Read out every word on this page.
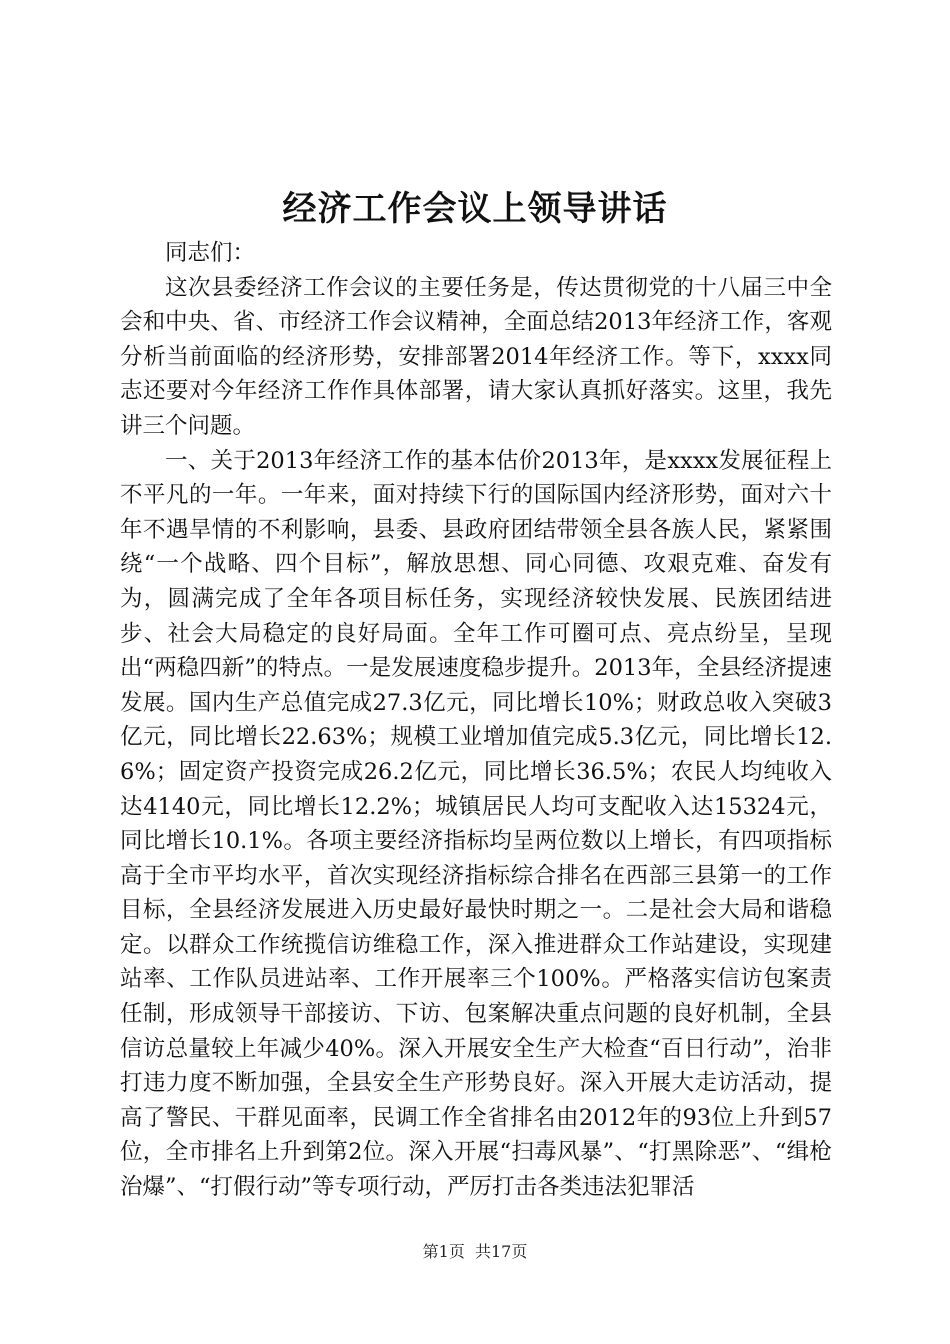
经济工作会议上领导讲话

同志们：

这次县委经济工作会议的主要任务是，传达贯彻党的十八届三中全会和中央、省、市经济工作会议精神，全面总结2013年经济工作，客观分析当前面临的经济形势，安排部署2014年经济工作。等下，xxxx同志还要对今年经济工作作具体部署，请大家认真抓好落实。这里，我先讲三个问题。

一、关于2013年经济工作的基本估价2013年，是xxxx发展征程上不平凡的一年。一年来，面对持续下行的国际国内经济形势，面对六十年不遇旱情的不利影响，县委、县政府团结带领全县各族人民，紧紧围绕“一个战略、四个目标”，解放思想、同心同德、攻艰克难、奋发有为，圆满完成了全年各项目标任务，实现经济较快发展、民族团结进步、社会大局稳定的良好局面。全年工作可圈可点、亮点纷呈，呈现出“两稳四新”的特点。一是发展速度稳步提升。2013年，全县经济提速发展。国内生产总值完成27.3亿元，同比增长10%；财政总收入突破3亿元，同比增长22.63%；规模工业增加值完成5.3亿元，同比增长12.6%；固定资产投资完成26.2亿元，同比增长36.5%；农民人均纯收入达4140元，同比增长12.2%；城镇居民人均可支配收入达15324元，同比增长10.1%。各项主要经济指标均呈两位数以上增长，有四项指标高于全市平均水平，首次实现经济指标综合排名在西部三县第一的工作目标，全县经济发展进入历史最好最快时期之一。二是社会大局和谐稳定。以群众工作统揽信访维稳工作，深入推进群众工作站建设，实现建站率、工作队员进站率、工作开展率三个100%。严格落实信访包案责任制，形成领导干部接访、下访、包案解决重点问题的良好机制，全县信访总量较上年减少40%。深入开展安全生产大检查“百日行动”，治非打违力度不断加强，全县安全生产形势良好。深入开展大走访活动，提高了警民、干群见面率，民调工作全省排名由2012年的93位上升到57位，全市排名上升到第2位。深入开展“扫毒风暴”、“打黑除恶”、“缉枪治爆”、“打假行动”等专项行动，严厉打击各类违法犯罪活

第1页  共17页
